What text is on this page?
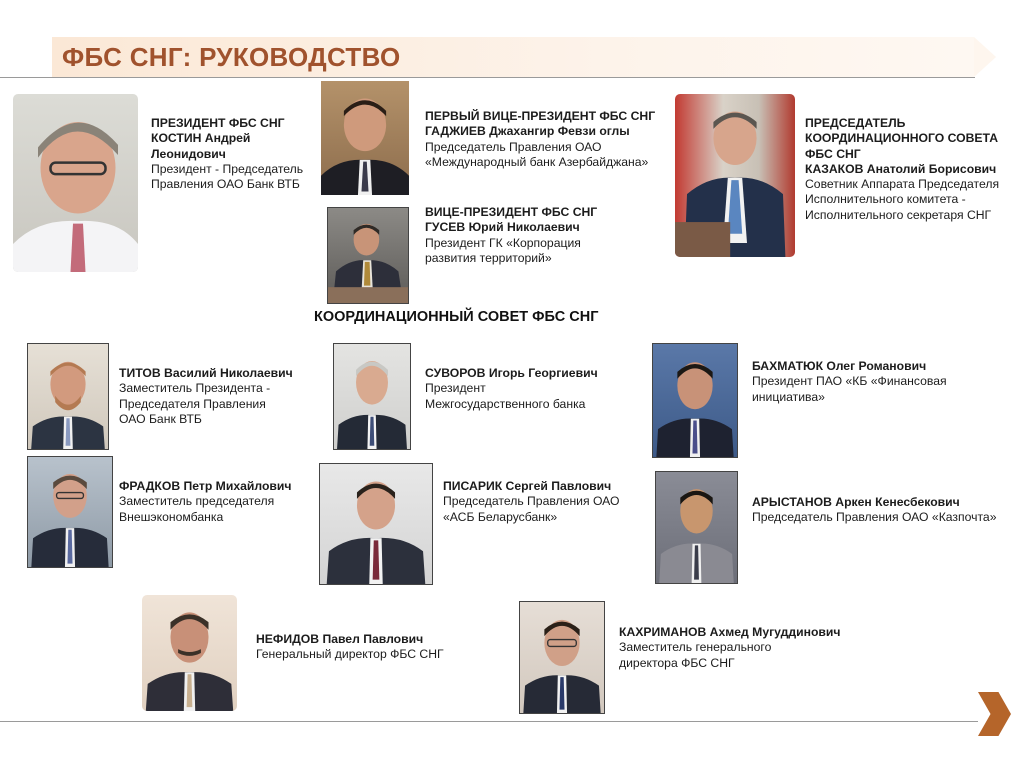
ФБС СНГ: РУКОВОДСТВО
ПРЕЗИДЕНТ ФБС СНГ
КОСТИН Андрей
Леонидович
Президент - Председатель
Правления ОАО Банк ВТБ
ПЕРВЫЙ ВИЦЕ-ПРЕЗИДЕНТ ФБС СНГ
ГАДЖИЕВ Джахангир Февзи оглы
Председатель Правления ОАО
«Международный банк Азербайджана»
ПРЕДСЕДАТЕЛЬ
КООРДИНАЦИОННОГО СОВЕТА
ФБС СНГ
КАЗАКОВ Анатолий Борисович
Советник Аппарата Председателя
Исполнительного комитета -
Исполнительного секретаря СНГ
ВИЦЕ-ПРЕЗИДЕНТ ФБС СНГ
ГУСЕВ Юрий Николаевич
Президент ГК «Корпорация
развития территорий»
КООРДИНАЦИОННЫЙ СОВЕТ ФБС СНГ
ТИТОВ Василий Николаевич
Заместитель Президента -
Председателя Правления
ОАО Банк ВТБ
СУВОРОВ Игорь Георгиевич
Президент
Межгосударственного банка
БАХМАТЮК Олег Романович
Президент ПАО «КБ «Финансовая
инициатива»
ФРАДКОВ Петр Михайлович
Заместитель председателя
Внешэкономбанка
ПИСАРИК Сергей Павлович
Председатель Правления ОАО
«АСБ Беларусбанк»
АРЫСТАНОВ Аркен Кенесбекович
Председатель Правления ОАО «Казпочта»
НЕФИДОВ Павел Павлович
Генеральный директор ФБС СНГ
КАХРИМАНОВ Ахмед Мугуддинович
Заместитель генерального
директора ФБС СНГ
